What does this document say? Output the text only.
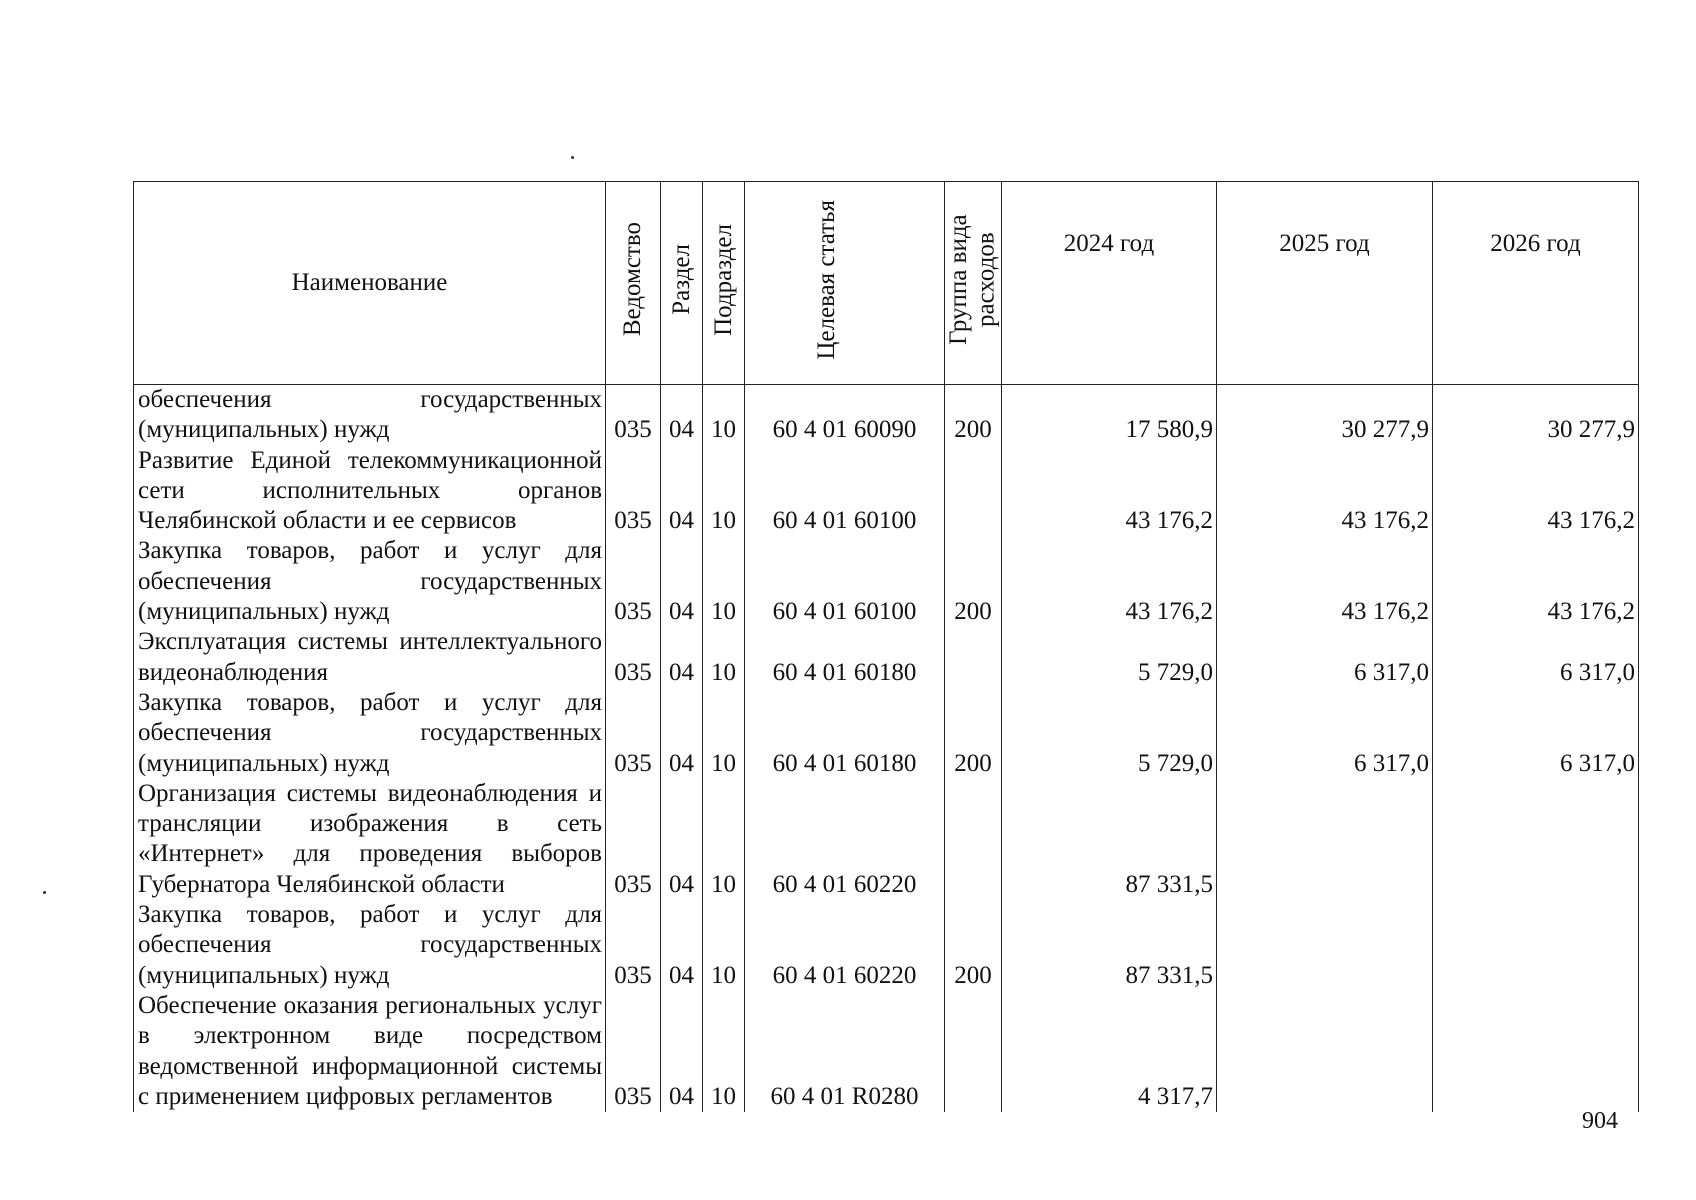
Наименование	Ведомство	Раздел	Подраздел	Целевая статья	Группа вида расходов	2024 год	2025 год	2026 год
обеспечения государственных (муниципальных) нужд	035	04	10	60 4 01 60090	200	17 580,9	30 277,9	30 277,9
Развитие Единой телекоммуникационной сети исполнительных органов Челябинской области и ее сервисов	035	04	10	60 4 01 60100		43 176,2	43 176,2	43 176,2
Закупка товаров, работ и услуг для обеспечения государственных (муниципальных) нужд	035	04	10	60 4 01 60100	200	43 176,2	43 176,2	43 176,2
Эксплуатация системы интеллектуального видеонаблюдения	035	04	10	60 4 01 60180		5 729,0	6 317,0	6 317,0
Закупка товаров, работ и услуг для обеспечения государственных (муниципальных) нужд	035	04	10	60 4 01 60180	200	5 729,0	6 317,0	6 317,0
Организация системы видеонаблюдения и трансляции изображения в сеть «Интернет» для проведения выборов Губернатора Челябинской области	035	04	10	60 4 01 60220		87 331,5		
Закупка товаров, работ и услуг для обеспечения государственных (муниципальных) нужд	035	04	10	60 4 01 60220	200	87 331,5		
Обеспечение оказания региональных услуг в электронном виде посредством ведомственной информационной системы с применением цифровых регламентов	035	04	10	60 4 01 R0280		4 317,7		
904
